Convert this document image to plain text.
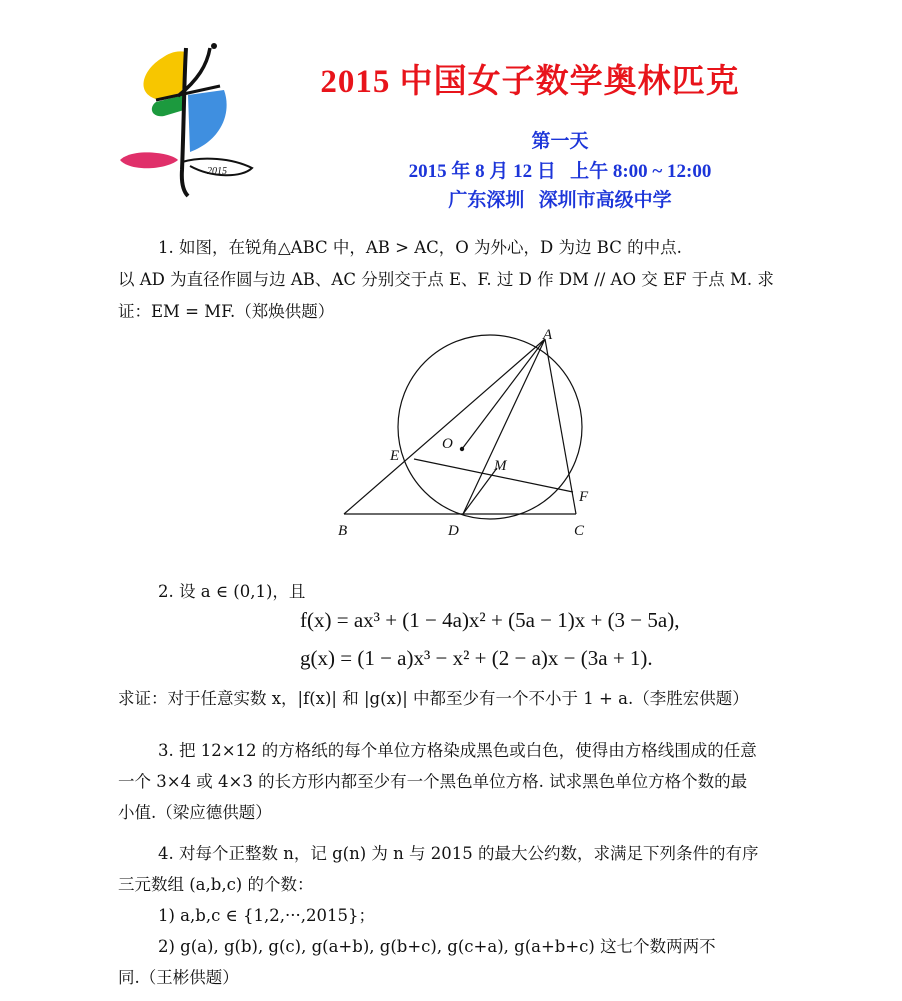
2015
2015 中国女子数学奥林匹克
第一天
2015 年 8 月 12 日   上午 8:00 ~ 12:00
广东深圳   深圳市高级中学
1. 如图，在锐角△ABC 中，AB > AC，O 为外心，D 为边 BC 的中点.
以 AD 为直径作圆与边 AB、AC 分别交于点 E、F. 过 D 作 DM // AO 交 EF 于点 M. 求
证：EM = MF.（郑焕供题）
A
B	C
D
E
F
M
O
2. 设 a ∈ (0,1)，且
f(x) = ax³ + (1 − 4a)x² + (5a − 1)x + (3 − 5a),
g(x) = (1 − a)x³ − x² + (2 − a)x − (3a + 1).
求证：对于任意实数 x，|f(x)| 和 |g(x)| 中都至少有一个不小于 1 + a.（李胜宏供题）
3. 把 12×12 的方格纸的每个单位方格染成黑色或白色，使得由方格线围成的任意
一个 3×4 或 4×3 的长方形内都至少有一个黑色单位方格. 试求黑色单位方格个数的最
小值.（梁应德供题）
4. 对每个正整数 n，记 g(n) 为 n 与 2015 的最大公约数，求满足下列条件的有序
三元数组 (a,b,c) 的个数：
1) a,b,c ∈ {1,2,···,2015}；
2) g(a), g(b), g(c), g(a+b), g(b+c), g(c+a), g(a+b+c) 这七个数两两不
同.（王彬供题）
